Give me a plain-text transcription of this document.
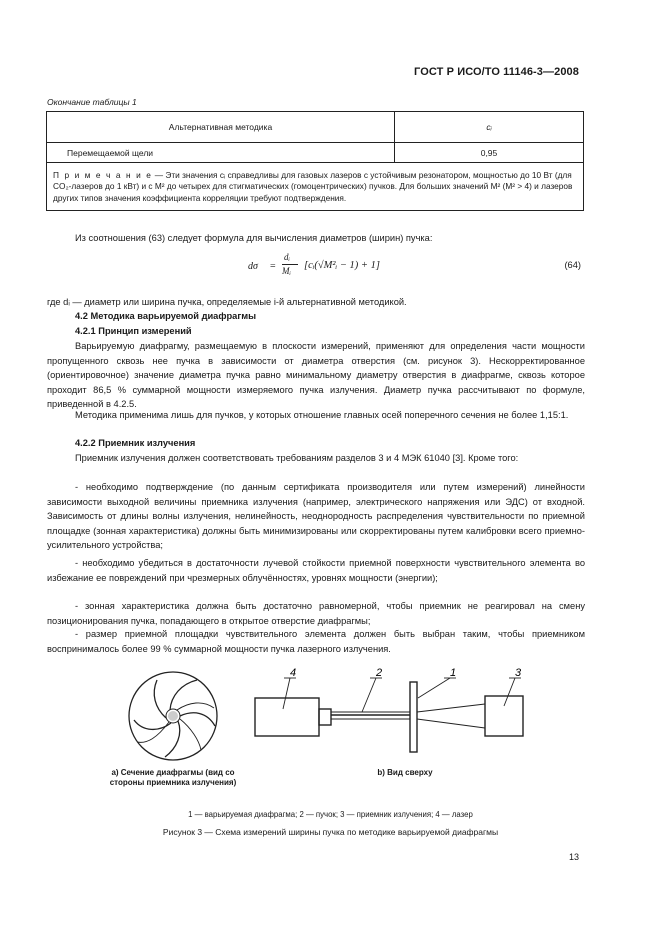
ГОСТ Р ИСО/ТО 11146-3—2008
Окончание таблицы 1
Альтернативная методика	cᵢ
Перемещаемой щели	0,95
П р и м е ч а н и е — Эти значения cᵢ справедливы для газовых лазеров с устойчивым резонатором, мощностью до 10 Вт (для CO₂-лазеров до 1 кВт) и с M² до четырех для стигматических (гомоцентрических) пучков. Для больших значений M² (M² > 4) и лазеров других типов значения коэффициента корреляции требуют подтверждения.	
Из соотношения (63) следует формула для вычисления диаметров (ширин) пучка:
dσ =
dᵢ
Mᵢ [cᵢ(√M²ᵢ − 1) + 1]	(64)
где dᵢ — диаметр или ширина пучка, определяемые i-й альтернативной методикой.
4.2 Методика варьируемой диафрагмы
4.2.1 Принцип измерений
Варьируемую диафрагму, размещаемую в плоскости измерений, применяют для определения части мощности пропущенного сквозь нее пучка в зависимости от диаметра отверстия (см. рисунок 3). Нескорректированное (ориентировочное) значение диаметра пучка равно минимальному диаметру отверстия в диафрагме, сквозь которое проходит 86,5 % суммарной мощности измеряемого пучка излучения. Диаметр пучка рассчитывают по формуле, приведенной в 4.2.5.
Методика применима лишь для пучков, у которых отношение главных осей поперечного сечения не более 1,15:1.
4.2.2 Приемник излучения
Приемник излучения должен соответствовать требованиям разделов 3 и 4 МЭК 61040 [3]. Кроме того:
- необходимо подтверждение (по данным сертификата производителя или путем измерений) линейности зависимости выходной величины приемника излучения (например, электрического напряжения или ЭДС) от входной. Зависимость от длины волны излучения, нелинейность, неоднородность распределения чувствительности по приемной площадке (зонная характеристика) должны быть минимизированы или скорректированы путем калибровки всего приемно-усилительного устройства;
- необходимо убедиться в достаточности лучевой стойкости приемной поверхности чувствительного элемента во избежание ее повреждений при чрезмерных облучённостях, уровнях мощности (энергии);
- зонная характеристика должна быть достаточно равномерной, чтобы приемник не реагировал на смену позиционирования пучка, попадающего в открытое отверстие диафрагмы;
- размер приемной площадки чувствительного элемента должен быть выбран таким, чтобы приемником воспринималось более 99 % суммарной мощности пучка лазерного излучения.
4	2	1	3
а) Сечение диафрагмы (вид со стороны приемника излучения)
b) Вид сверху
1 — варьируемая диафрагма; 2 — пучок; 3 — приемник излучения; 4 — лазер
Рисунок 3 — Схема измерений ширины пучка по методике варьируемой диафрагмы
13
